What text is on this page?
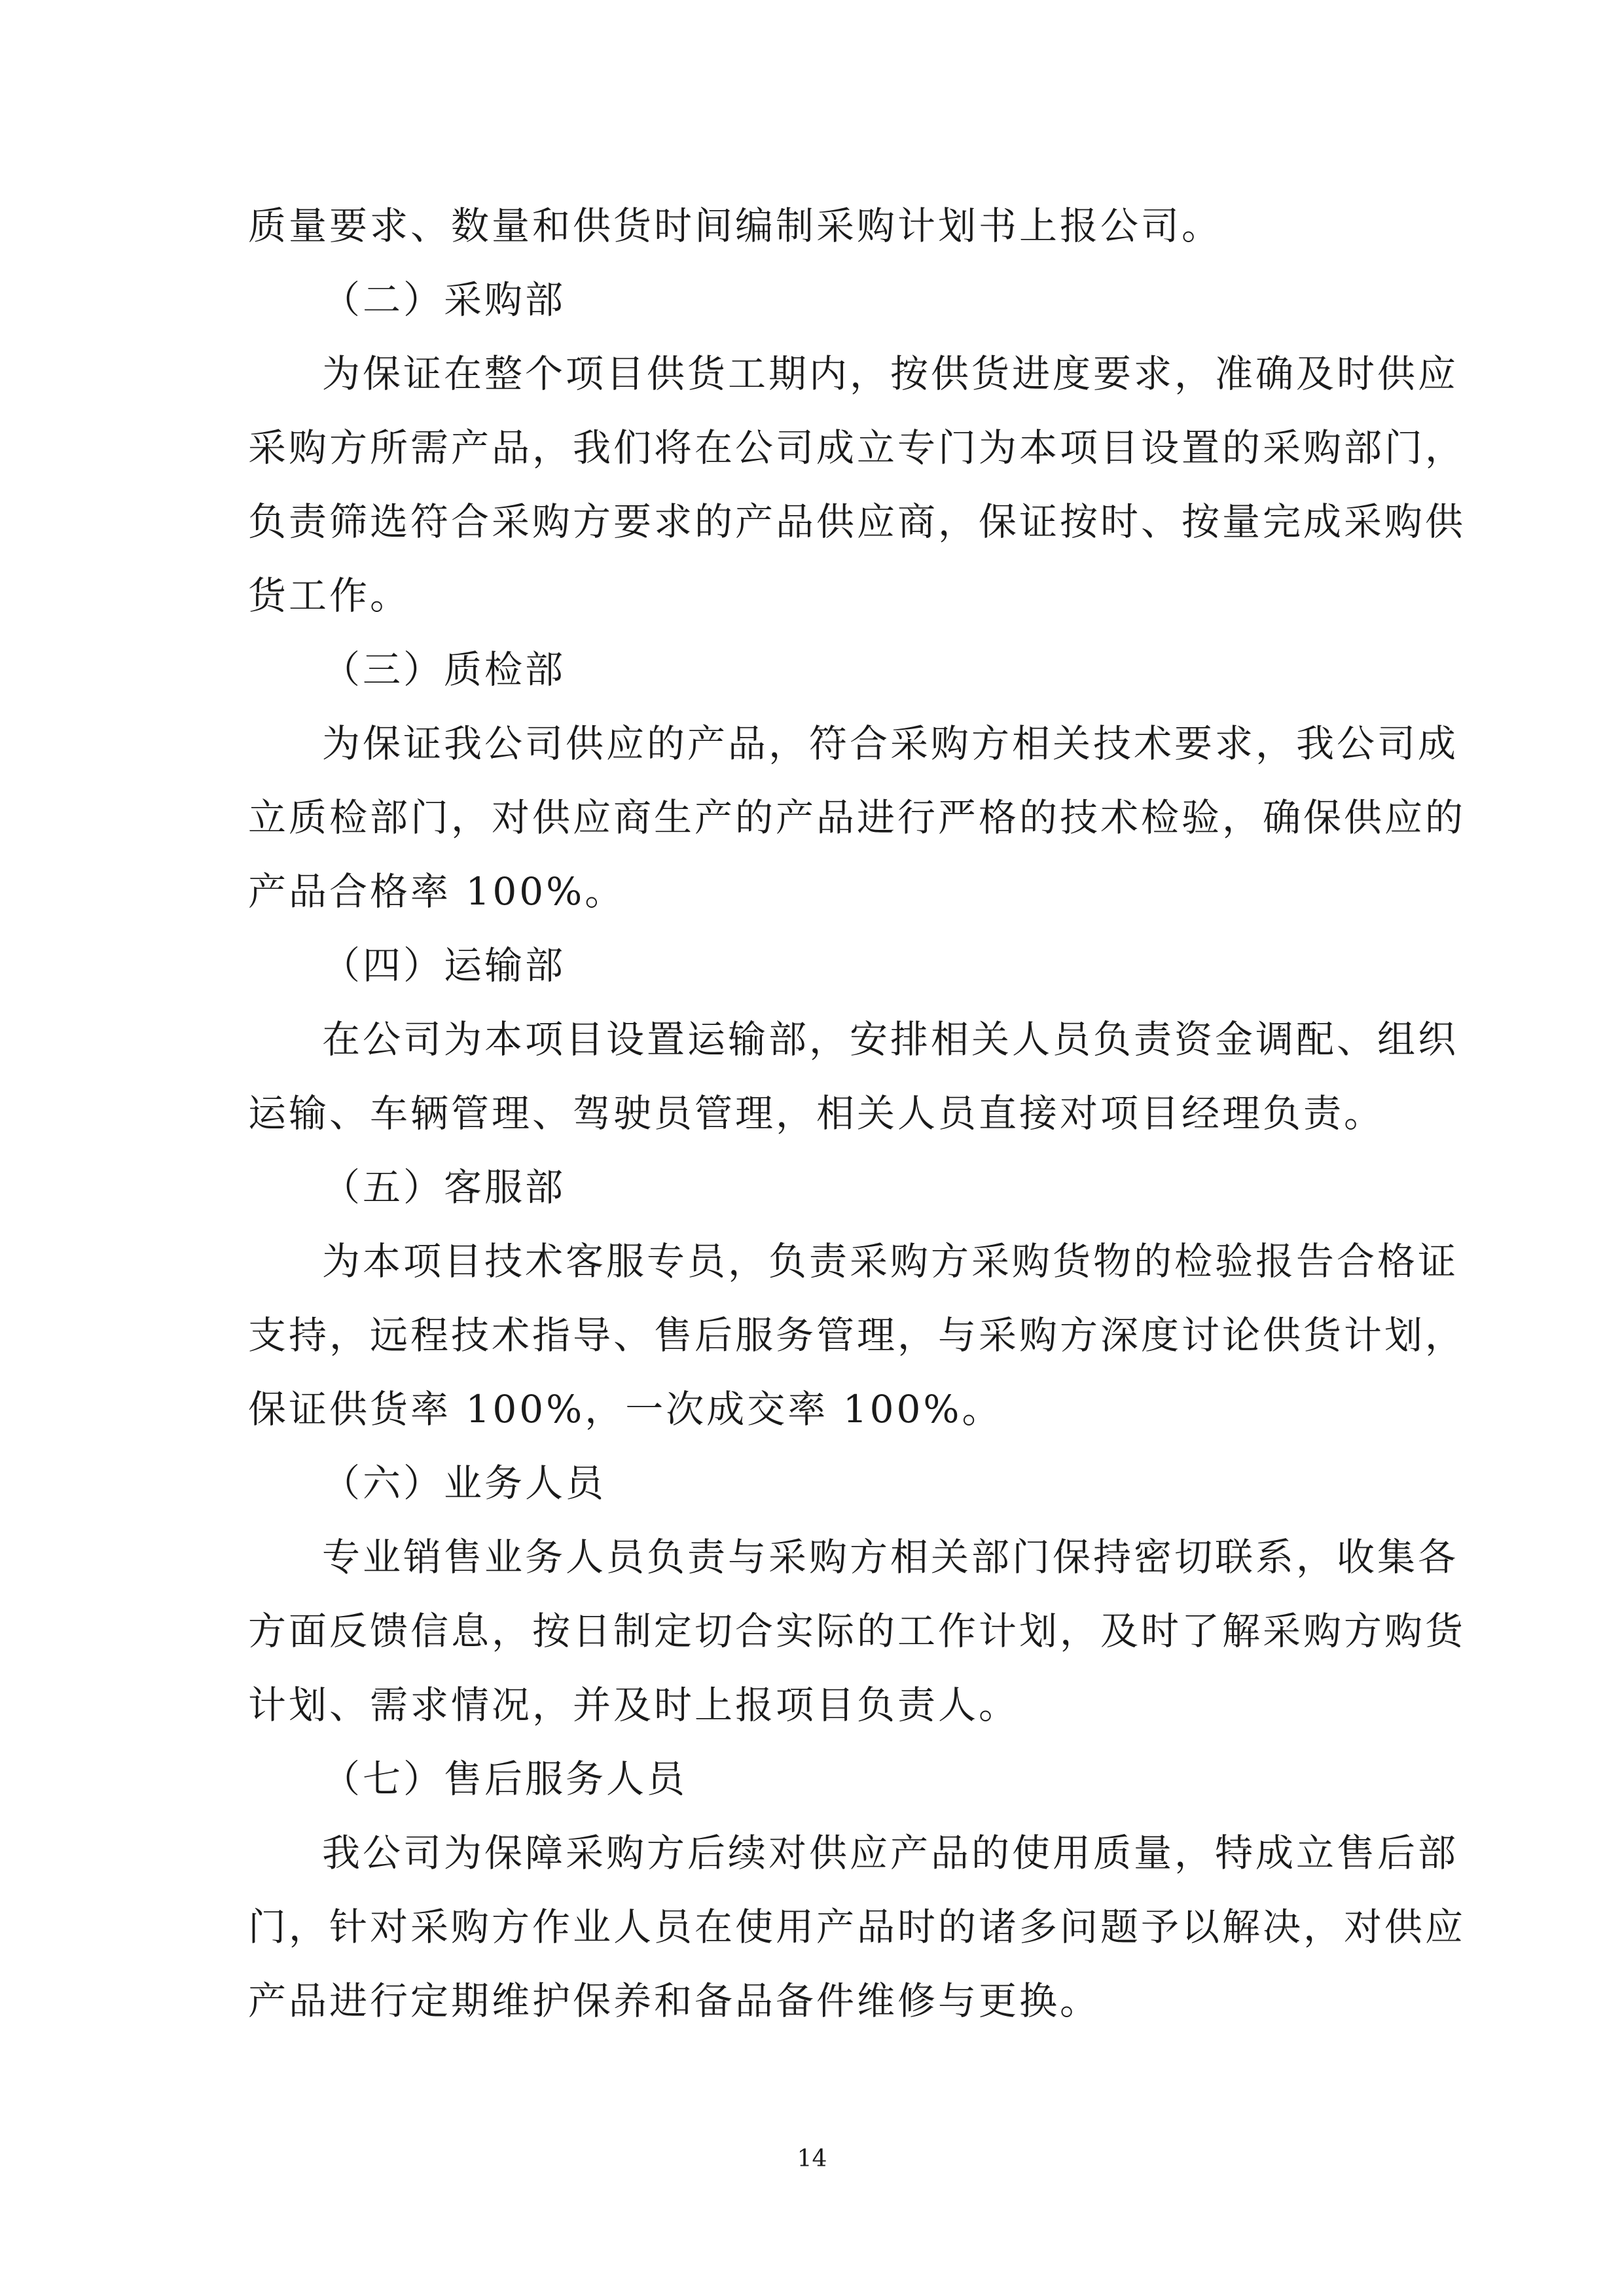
质量要求、数量和供货时间编制采购计划书上报公司。
（二）采购部
为保证在整个项目供货工期内，按供货进度要求，准确及时供应
采购方所需产品，我们将在公司成立专门为本项目设置的采购部门，
负责筛选符合采购方要求的产品供应商，保证按时、按量完成采购供
货工作。
（三）质检部
为保证我公司供应的产品，符合采购方相关技术要求，我公司成
立质检部门，对供应商生产的产品进行严格的技术检验，确保供应的
产品合格率 100%。
（四）运输部
在公司为本项目设置运输部，安排相关人员负责资金调配、组织
运输、车辆管理、驾驶员管理，相关人员直接对项目经理负责。
（五）客服部
为本项目技术客服专员，负责采购方采购货物的检验报告合格证
支持，远程技术指导、售后服务管理，与采购方深度讨论供货计划，
保证供货率 100%，一次成交率 100%。
（六）业务人员
专业销售业务人员负责与采购方相关部门保持密切联系，收集各
方面反馈信息，按日制定切合实际的工作计划，及时了解采购方购货
计划、需求情况，并及时上报项目负责人。
（七）售后服务人员
我公司为保障采购方后续对供应产品的使用质量，特成立售后部
门，针对采购方作业人员在使用产品时的诸多问题予以解决，对供应
产品进行定期维护保养和备品备件维修与更换。
14
